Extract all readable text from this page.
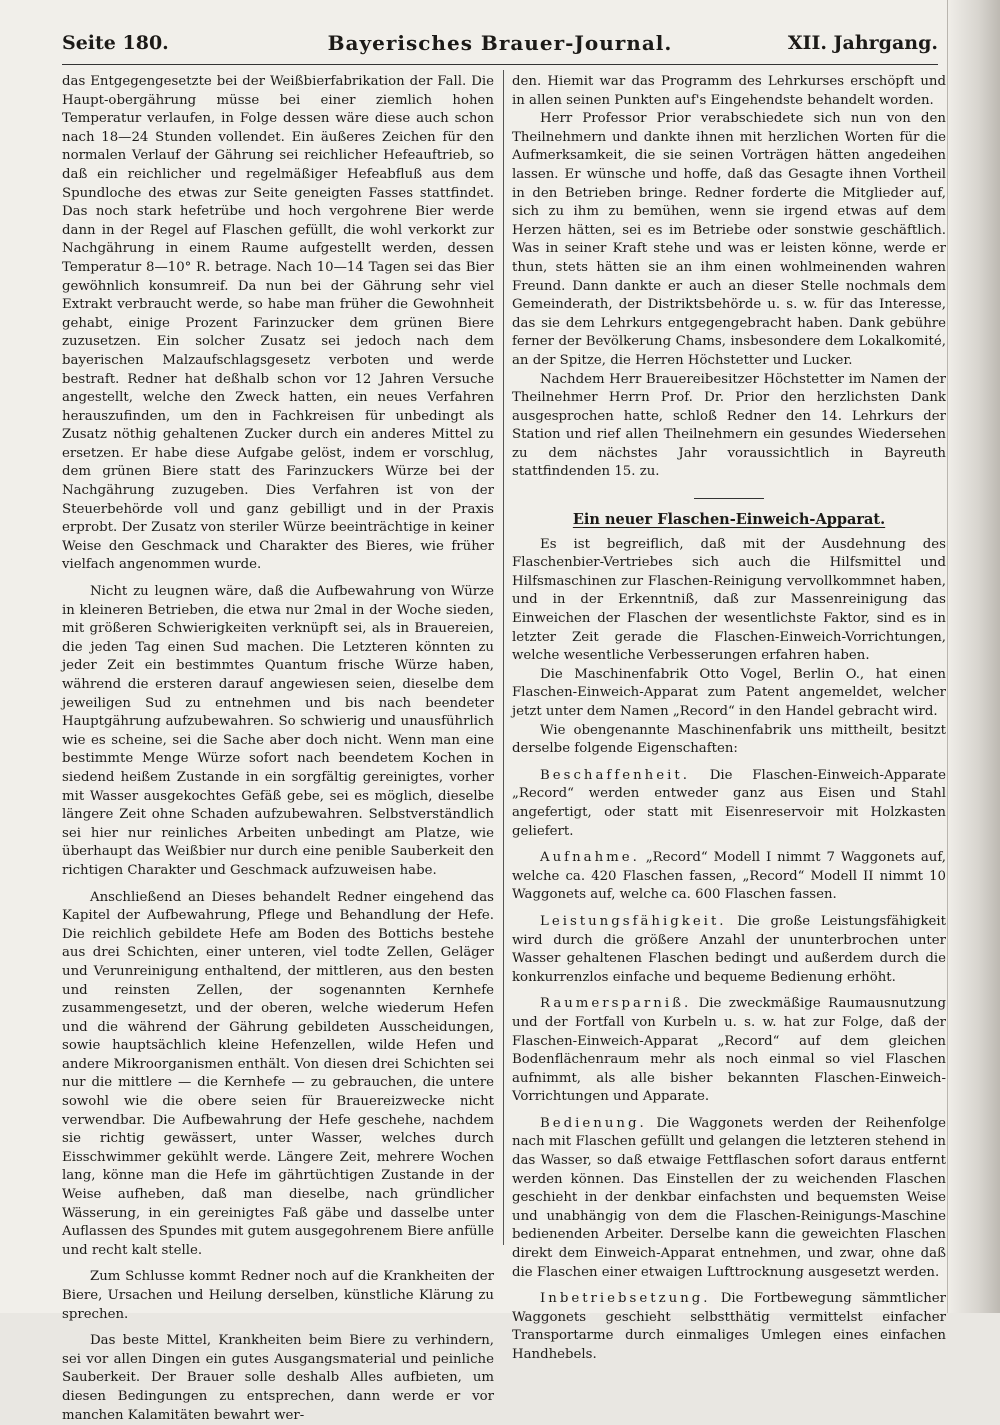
Seite 180.	Bayerisches Brauer-Journal.	XII. Jahrgang.

das Entgegengesetzte bei der Weißbierfabrikation der Fall. Die Haupt-obergährung müsse bei einer ziemlich hohen Temperatur verlaufen, in Folge dessen wäre diese auch schon nach 18—24 Stunden vollendet. Ein äußeres Zeichen für den normalen Verlauf der Gährung sei reichlicher Hefeauftrieb, so daß ein reichlicher und regelmäßiger Hefeabfluß aus dem Spundloche des etwas zur Seite geneigten Fasses stattfindet. Das noch stark hefetrübe und hoch vergohrene Bier werde dann in der Regel auf Flaschen gefüllt, die wohl verkorkt zur Nachgährung in einem Raume aufgestellt werden, dessen Temperatur 8—10° R. betrage. Nach 10—14 Tagen sei das Bier gewöhnlich konsumreif. Da nun bei der Gährung sehr viel Extrakt verbraucht werde, so habe man früher die Gewohnheit gehabt, einige Prozent Farinzucker dem grünen Biere zuzusetzen. Ein solcher Zusatz sei jedoch nach dem bayerischen Malzaufschlagsgesetz verboten und werde bestraft. Redner hat deßhalb schon vor 12 Jahren Versuche angestellt, welche den Zweck hatten, ein neues Verfahren herauszufinden, um den in Fachkreisen für unbedingt als Zusatz nöthig gehaltenen Zucker durch ein anderes Mittel zu ersetzen. Er habe diese Aufgabe gelöst, indem er vorschlug, dem grünen Biere statt des Farinzuckers Würze bei der Nachgährung zuzugeben. Dies Verfahren ist von der Steuerbehörde voll und ganz gebilligt und in der Praxis erprobt. Der Zusatz von steriler Würze beeinträchtige in keiner Weise den Geschmack und Charakter des Bieres, wie früher vielfach angenommen wurde.

Nicht zu leugnen wäre, daß die Aufbewahrung von Würze in kleineren Betrieben, die etwa nur 2mal in der Woche sieden, mit größeren Schwierigkeiten verknüpft sei, als in Brauereien, die jeden Tag einen Sud machen. Die Letzteren könnten zu jeder Zeit ein bestimmtes Quantum frische Würze haben, während die ersteren darauf angewiesen seien, dieselbe dem jeweiligen Sud zu entnehmen und bis nach beendeter Hauptgährung aufzubewahren. So schwierig und unausführlich wie es scheine, sei die Sache aber doch nicht. Wenn man eine bestimmte Menge Würze sofort nach beendetem Kochen in siedend heißem Zustande in ein sorgfältig gereinigtes, vorher mit Wasser ausgekochtes Gefäß gebe, sei es möglich, dieselbe längere Zeit ohne Schaden aufzubewahren. Selbstverständlich sei hier nur reinliches Arbeiten unbedingt am Platze, wie überhaupt das Weißbier nur durch eine penible Sauberkeit den richtigen Charakter und Geschmack aufzuweisen habe.

Anschließend an Dieses behandelt Redner eingehend das Kapitel der Aufbewahrung, Pflege und Behandlung der Hefe. Die reichlich gebildete Hefe am Boden des Bottichs bestehe aus drei Schichten, einer unteren, viel todte Zellen, Geläger und Verunreinigung enthaltend, der mittleren, aus den besten und reinsten Zellen, der sogenannten Kernhefe zusammengesetzt, und der oberen, welche wiederum Hefen und die während der Gährung gebildeten Ausscheidungen, sowie hauptsächlich kleine Hefenzellen, wilde Hefen und andere Mikroorganismen enthält. Von diesen drei Schichten sei nur die mittlere — die Kernhefe — zu gebrauchen, die untere sowohl wie die obere seien für Brauereizwecke nicht verwendbar. Die Aufbewahrung der Hefe geschehe, nachdem sie richtig gewässert, unter Wasser, welches durch Eisschwimmer gekühlt werde. Längere Zeit, mehrere Wochen lang, könne man die Hefe im gährtüchtigen Zustande in der Weise aufheben, daß man dieselbe, nach gründlicher Wässerung, in ein gereinigtes Faß gäbe und dasselbe unter Auflassen des Spundes mit gutem ausgegohrenem Biere anfülle und recht kalt stelle.

Zum Schlusse kommt Redner noch auf die Krankheiten der Biere, Ursachen und Heilung derselben, künstliche Klärung zu sprechen.

Das beste Mittel, Krankheiten beim Biere zu verhindern, sei vor allen Dingen ein gutes Ausgangsmaterial und peinliche Sauberkeit. Der Brauer solle deshalb Alles aufbieten, um diesen Bedingungen zu entsprechen, dann werde er vor manchen Kalamitäten bewahrt wer-

den. Hiemit war das Programm des Lehrkurses erschöpft und in allen seinen Punkten auf's Eingehendste behandelt worden.

Herr Professor Prior verabschiedete sich nun von den Theilnehmern und dankte ihnen mit herzlichen Worten für die Aufmerksamkeit, die sie seinen Vorträgen hätten angedeihen lassen. Er wünsche und hoffe, daß das Gesagte ihnen Vortheil in den Betrieben bringe. Redner forderte die Mitglieder auf, sich zu ihm zu bemühen, wenn sie irgend etwas auf dem Herzen hätten, sei es im Betriebe oder sonstwie geschäftlich. Was in seiner Kraft stehe und was er leisten könne, werde er thun, stets hätten sie an ihm einen wohlmeinenden wahren Freund. Dann dankte er auch an dieser Stelle nochmals dem Gemeinderath, der Distriktsbehörde u. s. w. für das Interesse, das sie dem Lehrkurs entgegengebracht haben. Dank gebühre ferner der Bevölkerung Chams, insbesondere dem Lokalkomité, an der Spitze, die Herren Höchstetter und Lucker.

Nachdem Herr Brauereibesitzer Höchstetter im Namen der Theilnehmer Herrn Prof. Dr. Prior den herzlichsten Dank ausgesprochen hatte, schloß Redner den 14. Lehrkurs der Station und rief allen Theilnehmern ein gesundes Wiedersehen zu dem nächstes Jahr voraussichtlich in Bayreuth stattfindenden 15. zu.

Ein neuer Flaschen-Einweich-Apparat.

Es ist begreiflich, daß mit der Ausdehnung des Flaschenbier-Vertriebes sich auch die Hilfsmittel und Hilfsmaschinen zur Flaschen-Reinigung vervollkommnet haben, und in der Erkenntniß, daß zur Massenreinigung das Einweichen der Flaschen der wesentlichste Faktor, sind es in letzter Zeit gerade die Flaschen-Einweich-Vorrichtungen, welche wesentliche Verbesserungen erfahren haben.

Die Maschinenfabrik Otto Vogel, Berlin O., hat einen Flaschen-Einweich-Apparat zum Patent angemeldet, welcher jetzt unter dem Namen „Record“ in den Handel gebracht wird.

Wie obengenannte Maschinenfabrik uns mittheilt, besitzt derselbe folgende Eigenschaften:

Beschaffenheit. Die Flaschen-Einweich-Apparate „Record“ werden entweder ganz aus Eisen und Stahl angefertigt, oder statt mit Eisenreservoir mit Holzkasten geliefert.

Aufnahme. „Record“ Modell I nimmt 7 Waggonets auf, welche ca. 420 Flaschen fassen, „Record“ Modell II nimmt 10 Waggonets auf, welche ca. 600 Flaschen fassen.

Leistungsfähigkeit. Die große Leistungsfähigkeit wird durch die größere Anzahl der ununterbrochen unter Wasser gehaltenen Flaschen bedingt und außerdem durch die konkurrenzlos einfache und bequeme Bedienung erhöht.

Raumersparniß. Die zweckmäßige Raumausnutzung und der Fortfall von Kurbeln u. s. w. hat zur Folge, daß der Flaschen-Einweich-Apparat „Record“ auf dem gleichen Bodenflächenraum mehr als noch einmal so viel Flaschen aufnimmt, als alle bisher bekannten Flaschen-Einweich-Vorrichtungen und Apparate.

Bedienung. Die Waggonets werden der Reihenfolge nach mit Flaschen gefüllt und gelangen die letzteren stehend in das Wasser, so daß etwaige Fettflaschen sofort daraus entfernt werden können. Das Einstellen der zu weichenden Flaschen geschieht in der denkbar einfachsten und bequemsten Weise und unabhängig von dem die Flaschen-Reinigungs-Maschine bedienenden Arbeiter. Derselbe kann die geweichten Flaschen direkt dem Einweich-Apparat entnehmen, und zwar, ohne daß die Flaschen einer etwaigen Lufttrocknung ausgesetzt werden.

Inbetriebsetzung. Die Fortbewegung sämmtlicher Waggonets geschieht selbstthätig vermittelst einfacher Transportarme durch einmaliges Umlegen eines einfachen Handhebels.
